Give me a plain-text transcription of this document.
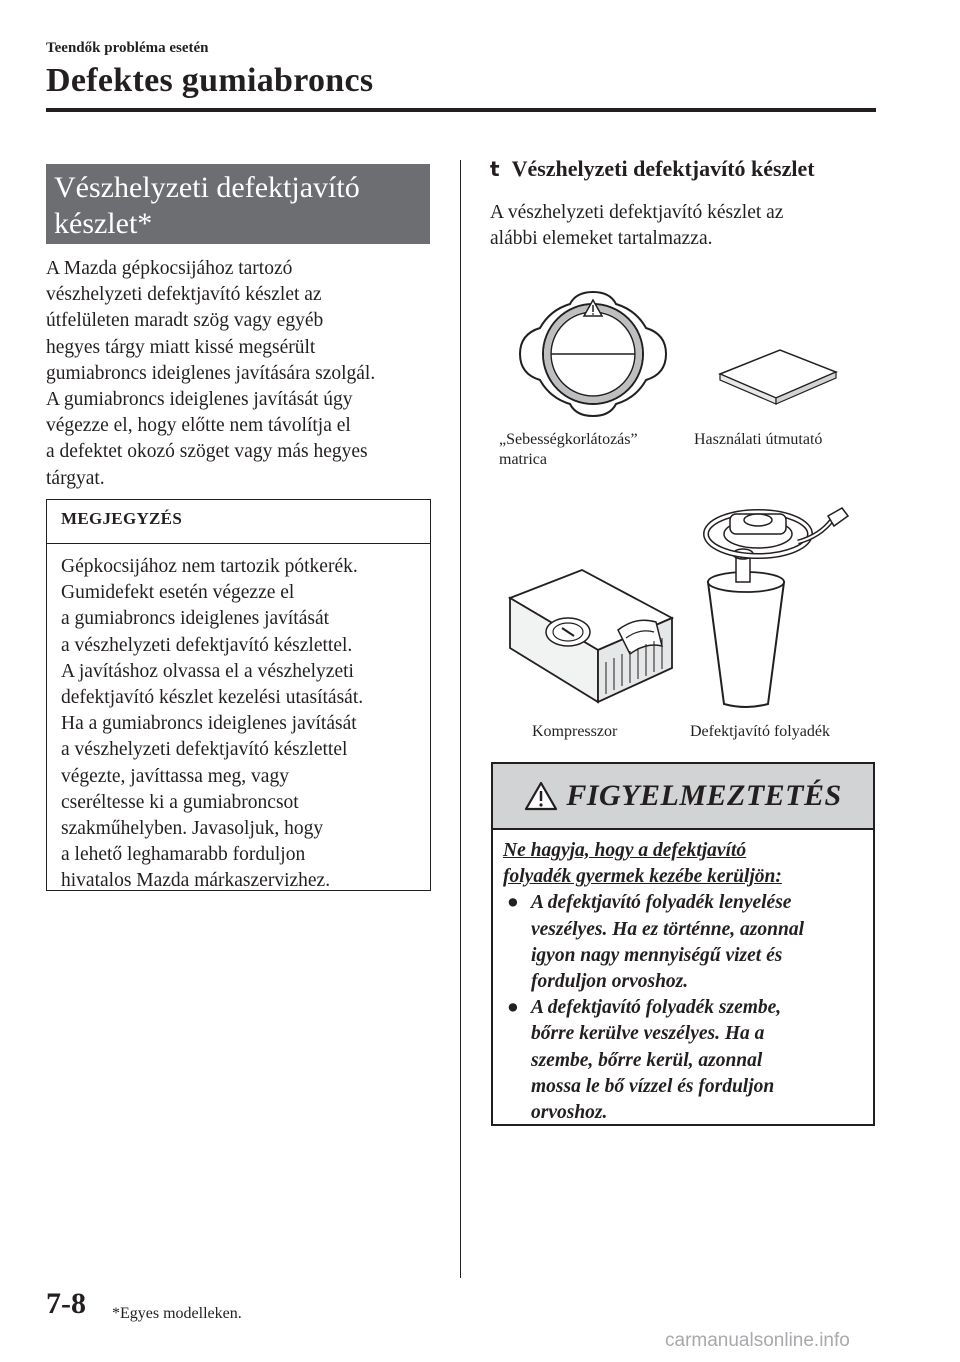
Teendők probléma esetén
Defektes gumiabroncs
Vészhelyzeti defektjavító
készlet*
A Mazda gépkocsijához tartozó
vészhelyzeti defektjavító készlet az
útfelületen maradt szög vagy egyéb
hegyes tárgy miatt kissé megsérült
gumiabroncs ideiglenes javítására szolgál.
A gumiabroncs ideiglenes javítását úgy
végezze el, hogy előtte nem távolítja el
a defektet okozó szöget vagy más hegyes
tárgyat.
MEGJEGYZÉS
Gépkocsijához nem tartozik pótkerék.
Gumidefekt esetén végezze el
a gumiabroncs ideiglenes javítását
a vészhelyzeti defektjavító készlettel.
A javításhoz olvassa el a vészhelyzeti
defektjavító készlet kezelési utasítását.
Ha a gumiabroncs ideiglenes javítását
a vészhelyzeti defektjavító készlettel
végezte, javíttassa meg, vagy
cseréltesse ki a gumiabroncsot
szakműhelyben. Javasoljuk, hogy
a lehető leghamarabb forduljon
hivatalos Mazda márkaszervizhez.
t Vészhelyzeti defektjavító készlet
A vészhelyzeti defektjavító készlet az
alábbi elemeket tartalmazza.
„Sebességkorlátozás”
matrica
Használati útmutató
Kompresszor	Defektjavító folyadék
FIGYELMEZTETÉS
Ne hagyja, hogy a defektjavító
folyadék gyermek kezébe kerüljön:
● A defektjavító folyadék lenyelése
veszélyes. Ha ez történne, azonnal
igyon nagy mennyiségű vizet és
forduljon orvoshoz.
● A defektjavító folyadék szembe,
bőrre kerülve veszélyes. Ha a
szembe, bőrre kerül, azonnal
mossa le bő vízzel és forduljon
orvoshoz.
7-8 *Egyes modelleken.
carmanualsonline.info
